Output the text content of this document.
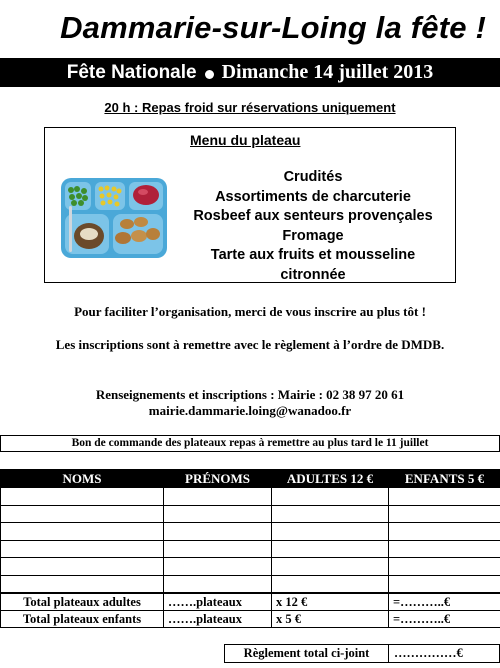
Dammarie-sur-Loing la fête !
Fête Nationale Dimanche 14 juillet 2013
20 h : Repas froid sur réservations uniquement
Menu du plateau
Crudités
Assortiments de charcuterie
Rosbeef aux senteurs provençales
Fromage
Tarte aux fruits et mousseline
citronnée
Pour faciliter l’organisation, merci de vous inscrire au plus tôt !
Les inscriptions sont à remettre avec le règlement à l’ordre de DMDB.
Renseignements et inscriptions : Mairie : 02 38 97 20 61
mairie.dammarie.loing@wanadoo.fr
Bon de commande des plateaux repas à remettre au plus tard le 11 juillet
NOMS	PRÉNOMS	ADULTES 12 €	ENFANTS 5 €

Total plateaux adultes	…….plateaux	x 12 €	=………..€
Total plateaux enfants	…….plateaux	x 5 €	=………..€
Règlement total ci-joint	……………€
